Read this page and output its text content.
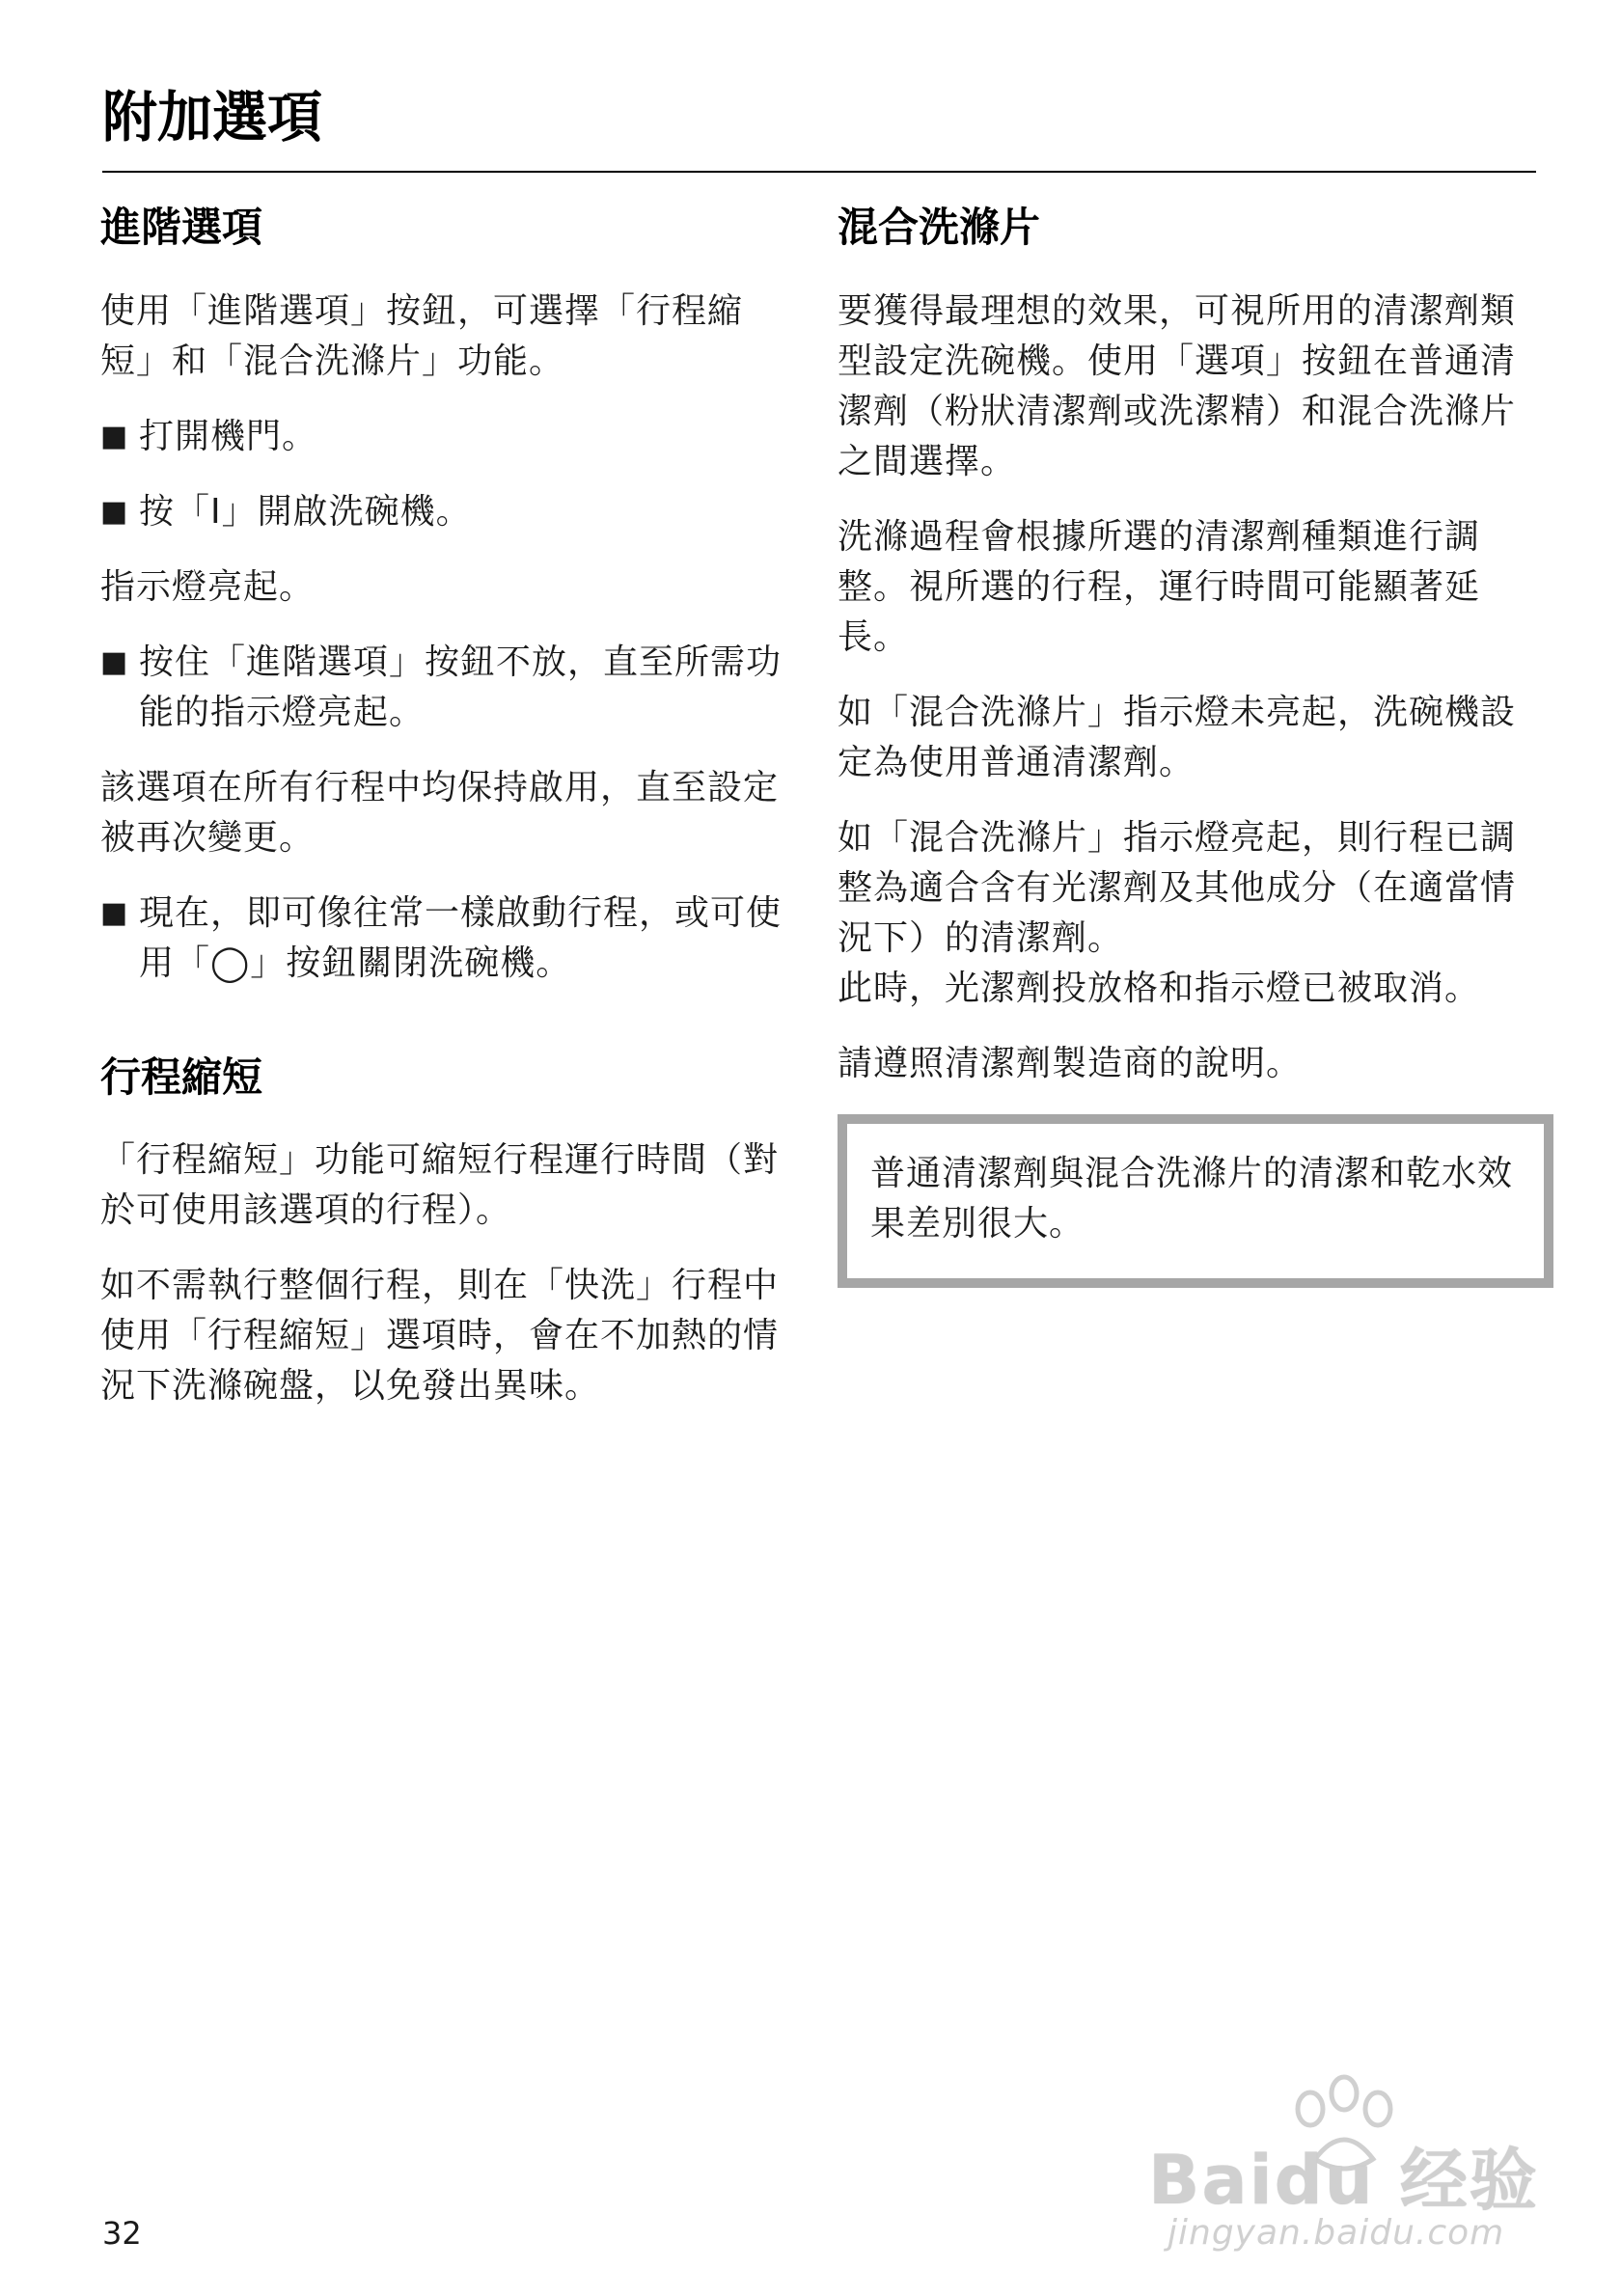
附加選項
進階選項

使用「進階選項」按鈕，可選擇「行程縮短」和「混合洗滌片」功能。

■ 打開機門。
■ 按「I」開啟洗碗機。

指示燈亮起。

■ 按住「進階選項」按鈕不放，直至所需功能的指示燈亮起。

該選項在所有行程中均保持啟用，直至設定被再次變更。

■ 現在，即可像往常一樣啟動行程，或可使用「◯」按鈕關閉洗碗機。
行程縮短

「行程縮短」功能可縮短行程運行時間（對於可使用該選項的行程）。

如不需執行整個行程，則在「快洗」行程中使用「行程縮短」選項時，會在不加熱的情況下洗滌碗盤，以免發出異味。

混合洗滌片

要獲得最理想的效果，可視所用的清潔劑類型設定洗碗機。使用「選項」按鈕在普通清潔劑（粉狀清潔劑或洗潔精）和混合洗滌片之間選擇。

洗滌過程會根據所選的清潔劑種類進行調整。視所選的行程，運行時間可能顯著延長。

如「混合洗滌片」指示燈未亮起，洗碗機設定為使用普通清潔劑。

如「混合洗滌片」指示燈亮起，則行程已調整為適合含有光潔劑及其他成分（在適當情況下）的清潔劑。

此時，光潔劑投放格和指示燈已被取消。

請遵照清潔劑製造商的說明。

普通清潔劑與混合洗滌片的清潔和乾水效果差別很大。

32
Baidu 经验
jingyan.baidu.com
